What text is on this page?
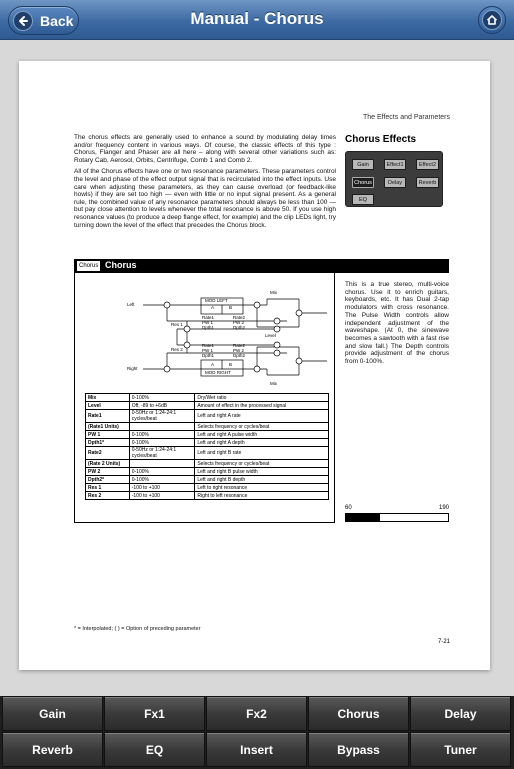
Back	Manual - Chorus
The Effects and Parameters

The chorus effects are generally used to enhance a sound by modulating delay times and/or frequency content in various ways. Of course, the classic effects of this type : Chorus, Flanger and Phaser are all here – along with several other variations such as: Rotary Cab, Aerosol, Orbits, Centrifuge, Comb 1 and Comb 2.

All of the Chorus effects have one or two resonance parameters. These parameters control the level and phase of the effect output signal that is recirculated into the effect inputs. Use care when adjusting these parameters, as they can cause overload (or feedback-like howls) if they are set too high — even with little or no input signal present. As a general rule, the combined value of any resonance parameters should always be less than 100 — but pay close attention to levels whenever the total resonance is above 50. If you use high resonance values (to produce a deep flange effect, for example) and the clip LEDs light, try turning down the level of the effect that precedes the Chorus block.

Chorus Effects
Gain	Effect1	Effect2
Chorus	Delay	Reverb
EQ
Chorus Chorus
Left
Right
Mix
Mix
Level
Res 1
Res 2
MOD LEFT
MOD RIGHT
A	B
A	B
Rate1
PW 1
Dpth1
Rate2
PW 2
Dpth2
Rate1
PW 1
Dpth1
Rate2
PW 2
Dpth2
Mix	0-100%	Dry/Wet ratio
Level	Off, -89 to +6dB	Amount of effect in the processed signal
Rate1	0-50Hz or 1:24-24:1 cycles/beat	Left and right A rate
(Rate1 Units)		Selects frequency or cycles/beat
PW 1	0-100%	Left and right A pulse width
Dpth1*	0-100%	Left and right A depth
Rate2	0-50Hz or 1:24-24:1 cycles/beat	Left and right B rate
(Rate 2 Units)		Selects frequency or cycles/beat
PW 2	0-100%	Left and right B pulse width
Dpth2*	0-100%	Left and right B depth
Res 1	-100 to +100	Left to right resonance
Res 2	-100 to +100	Right to left resonance
This is a true stereo, multi-voice chorus. Use it to enrich guitars, keyboards, etc. It has Dual 2-tap modulators with cross resonance. The Pulse Width controls allow independent adjustment of the waveshape. (At 0, the sinewave becomes a sawtooth with a fast rise and slow fall.) The Depth controls provide adjustment of the chorus from 0-100%.
60	190
* = Interpolated; ( ) = Option of preceding parameter
7-21
Gain	Fx1	Fx2	Chorus	Delay
Reverb	EQ	Insert	Bypass	Tuner
